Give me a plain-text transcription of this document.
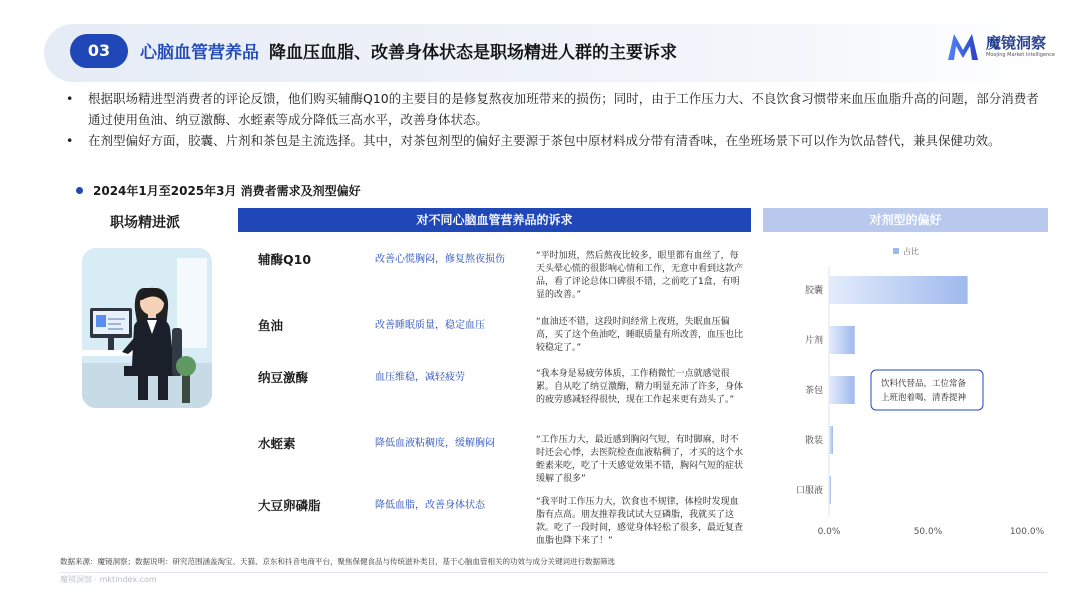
03	心脑血管营养品 降血压血脂、改善身体状态是职场精进人群的主要诉求	魔镜洞察
Moojing Market Intelligence
• 根据职场精进型消费者的评论反馈，他们购买辅酶Q10的主要目的是修复熬夜加班带来的损伤；同时，由于工作压力大、不良饮食习惯带来血压血脂升高的问题，部分消费者通过使用鱼油、纳豆激酶、水蛭素等成分降低三高水平，改善身体状态。
• 在剂型偏好方面，胶囊、片剂和茶包是主流选择。其中，对茶包剂型的偏好主要源于茶包中原材料成分带有清香味，在坐班场景下可以作为饮品替代，兼具保健功效。
2024年1月至2025年3月 消费者需求及剂型偏好
职场精进派	对不同心脑血管营养品的诉求	对剂型的偏好
辅酶Q10	改善心慌胸闷，修复熬夜损伤	“平时加班，然后熬夜比较多，眼里都有血丝了，每天头晕心慌的很影响心情和工作，无意中看到这款产品，看了评论总体口碑很不错，之前吃了1盒，有明显的改善。”
鱼油	改善睡眠质量，稳定血压	“血油还不错，这段时间经常上夜班，失眠血压偏高，买了这个鱼油吃，睡眠质量有所改善，血压也比较稳定了。”
纳豆激酶	血压维稳，减轻疲劳	“我本身是易疲劳体质，工作稍微忙一点就感觉很累。自从吃了纳豆激酶，精力明显充沛了许多，身体的疲劳感减轻得很快，现在工作起来更有劲头了。”
水蛭素	降低血液粘稠度，缓解胸闷	“工作压力大，最近感到胸闷气短，有时脚麻，时不时还会心悸，去医院检查血液粘稠了，才买的这个水蛭素来吃，吃了十天感觉效果不错，胸闷气短的症状缓解了很多”
大豆卵磷脂	降低血脂，改善身体状态	“我平时工作压力大，饮食也不规律，体检时发现血脂有点高。朋友推荐我试试大豆磷脂，我就买了这款。吃了一段时间，感觉身体轻松了很多，最近复查血脂也降下来了！”
占比
胶囊
片剂
茶包
散装
口服液
0.0%	50.0%	100.0%
饮料代替品，工位常备
上班泡着喝，清香提神
数据来源：魔镜洞察；数据说明：研究范围涵盖淘宝、天猫、京东和抖音电商平台，聚焦保健食品与传统滋补类目，基于心脑血管相关的功效与成分关键词进行数据筛选
魔镜洞察 · mktindex.com
